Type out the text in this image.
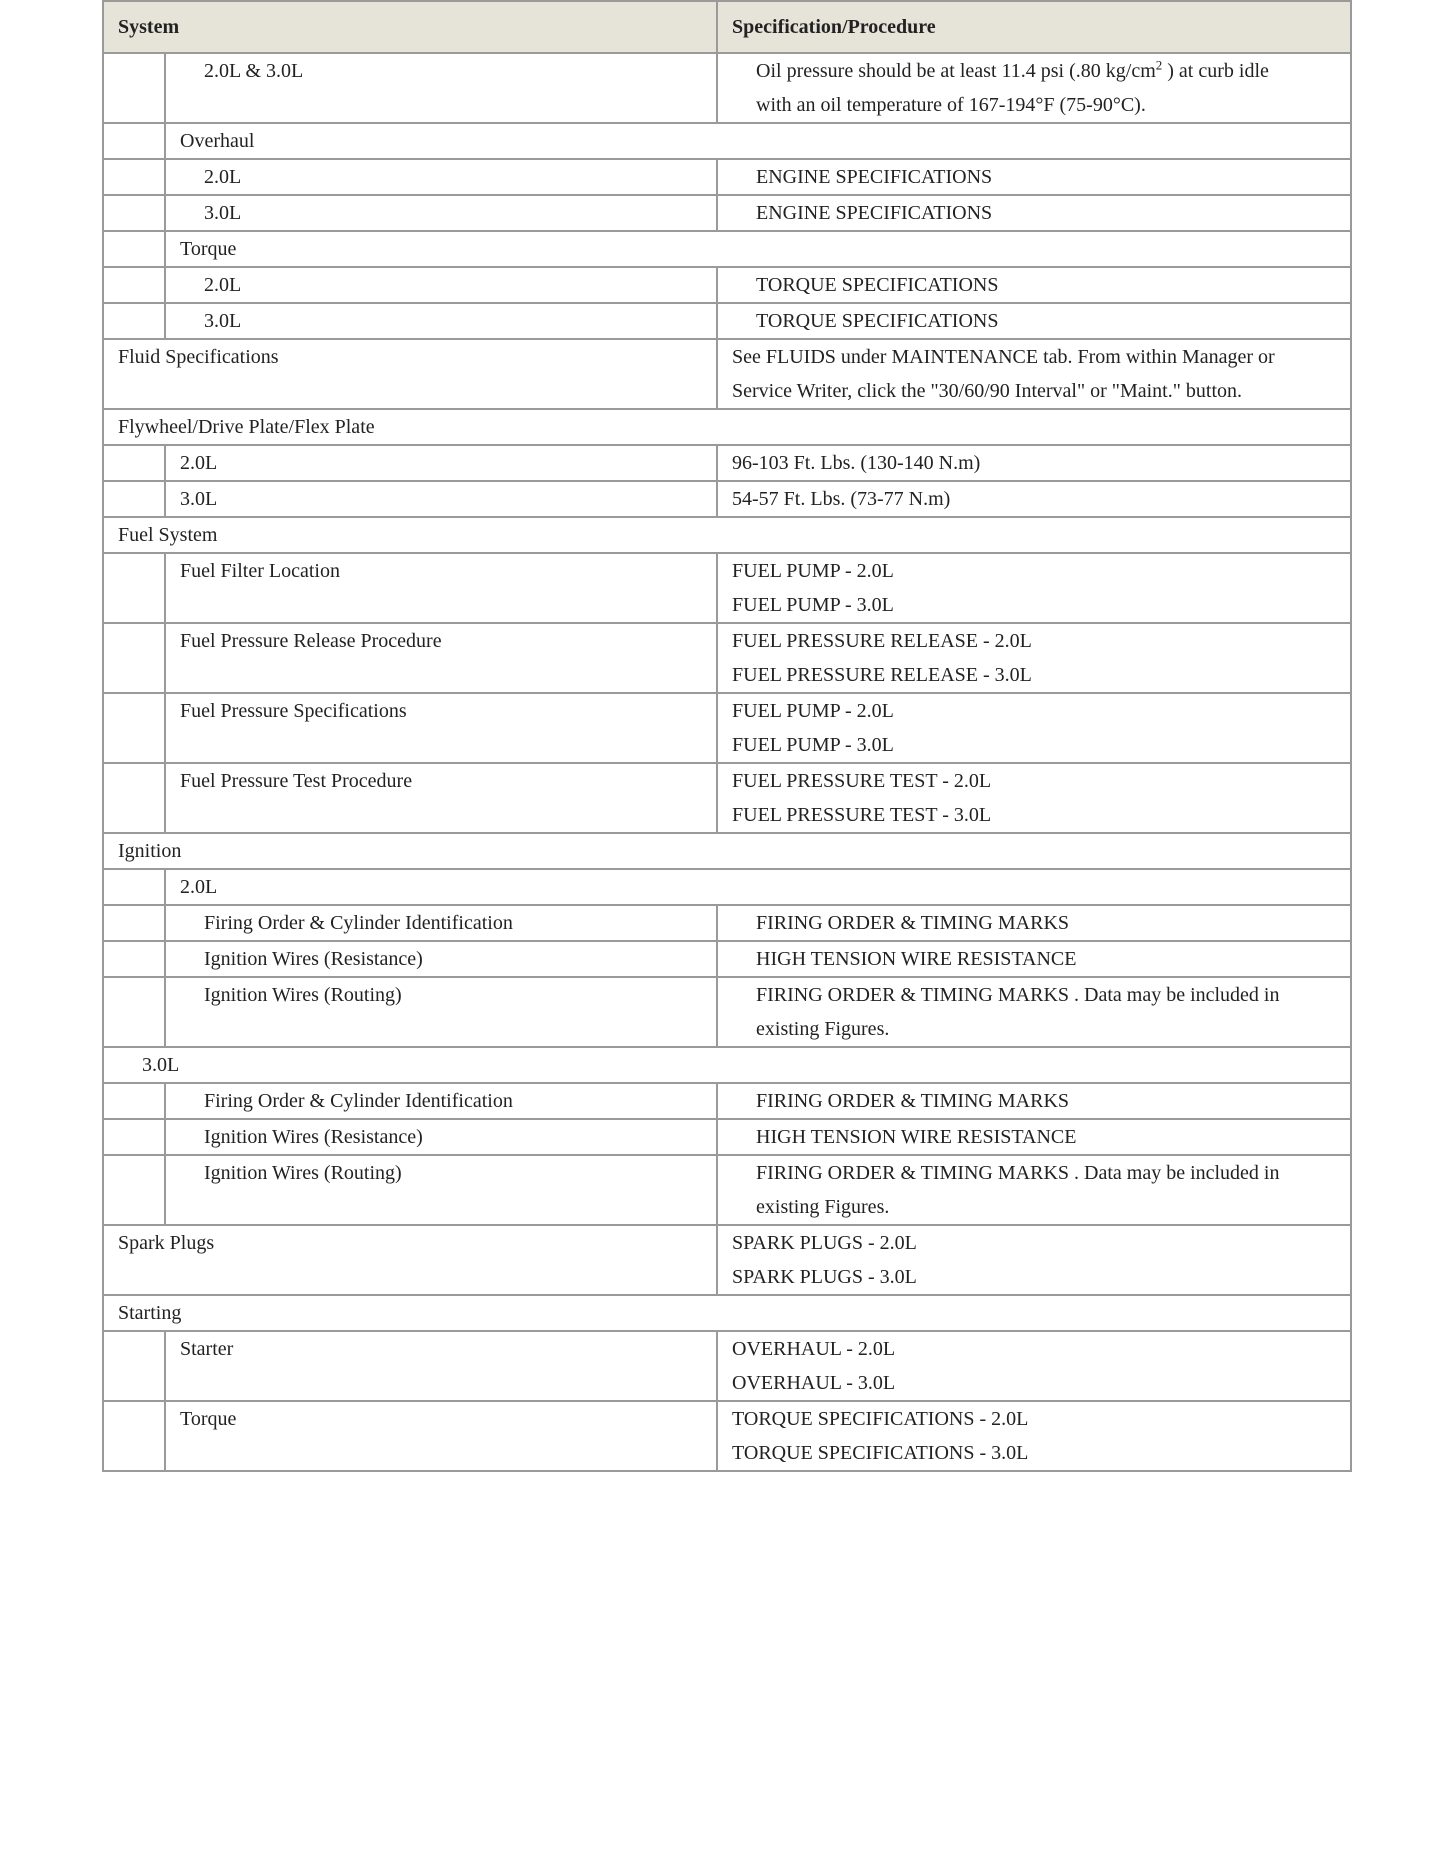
System		Specification/Procedure
	2.0L & 3.0L	Oil pressure should be at least 11.4 psi (.80 $kg/cm^2$ ) at curb idle
with an oil temperature of 167-194°F (75-90°C).

	Overhaul	
	2.0L	ENGINE SPECIFICATIONS
	3.0L	ENGINE SPECIFICATIONS
	Torque	
	2.0L	TORQUE SPECIFICATIONS
	3.0L	TORQUE SPECIFICATIONS
Fluid Specifications		See FLUIDS under MAINTENANCE tab. From within Manager or
Service Writer, click the "30/60/90 Interval" or "Maint." button.

Flywheel/Drive Plate/Flex Plate		
	2.0L	96-103 Ft. Lbs. (130-140 N.m)
	3.0L	54-57 Ft. Lbs. (73-77 N.m)
Fuel System		
	Fuel Filter Location	FUEL PUMP - 2.0L
FUEL PUMP - 3.0L

	Fuel Pressure Release Procedure	FUEL PRESSURE RELEASE - 2.0L
FUEL PRESSURE RELEASE - 3.0L

	Fuel Pressure Specifications	FUEL PUMP - 2.0L
FUEL PUMP - 3.0L

	Fuel Pressure Test Procedure	FUEL PRESSURE TEST - 2.0L
FUEL PRESSURE TEST - 3.0L

Ignition		
	2.0L	
	Firing Order & Cylinder Identification	FIRING ORDER & TIMING MARKS
	Ignition Wires (Resistance)	HIGH TENSION WIRE RESISTANCE
	Ignition Wires (Routing)	FIRING ORDER & TIMING MARKS . Data may be included in
existing Figures.

3.0L		
	Firing Order & Cylinder Identification	FIRING ORDER & TIMING MARKS
	Ignition Wires (Resistance)	HIGH TENSION WIRE RESISTANCE
	Ignition Wires (Routing)	FIRING ORDER & TIMING MARKS . Data may be included in
existing Figures.

Spark Plugs		SPARK PLUGS - 2.0L
SPARK PLUGS - 3.0L

Starting		
	Starter	OVERHAUL - 2.0L
OVERHAUL - 3.0L

	Torque	TORQUE SPECIFICATIONS - 2.0L
TORQUE SPECIFICATIONS - 3.0L
